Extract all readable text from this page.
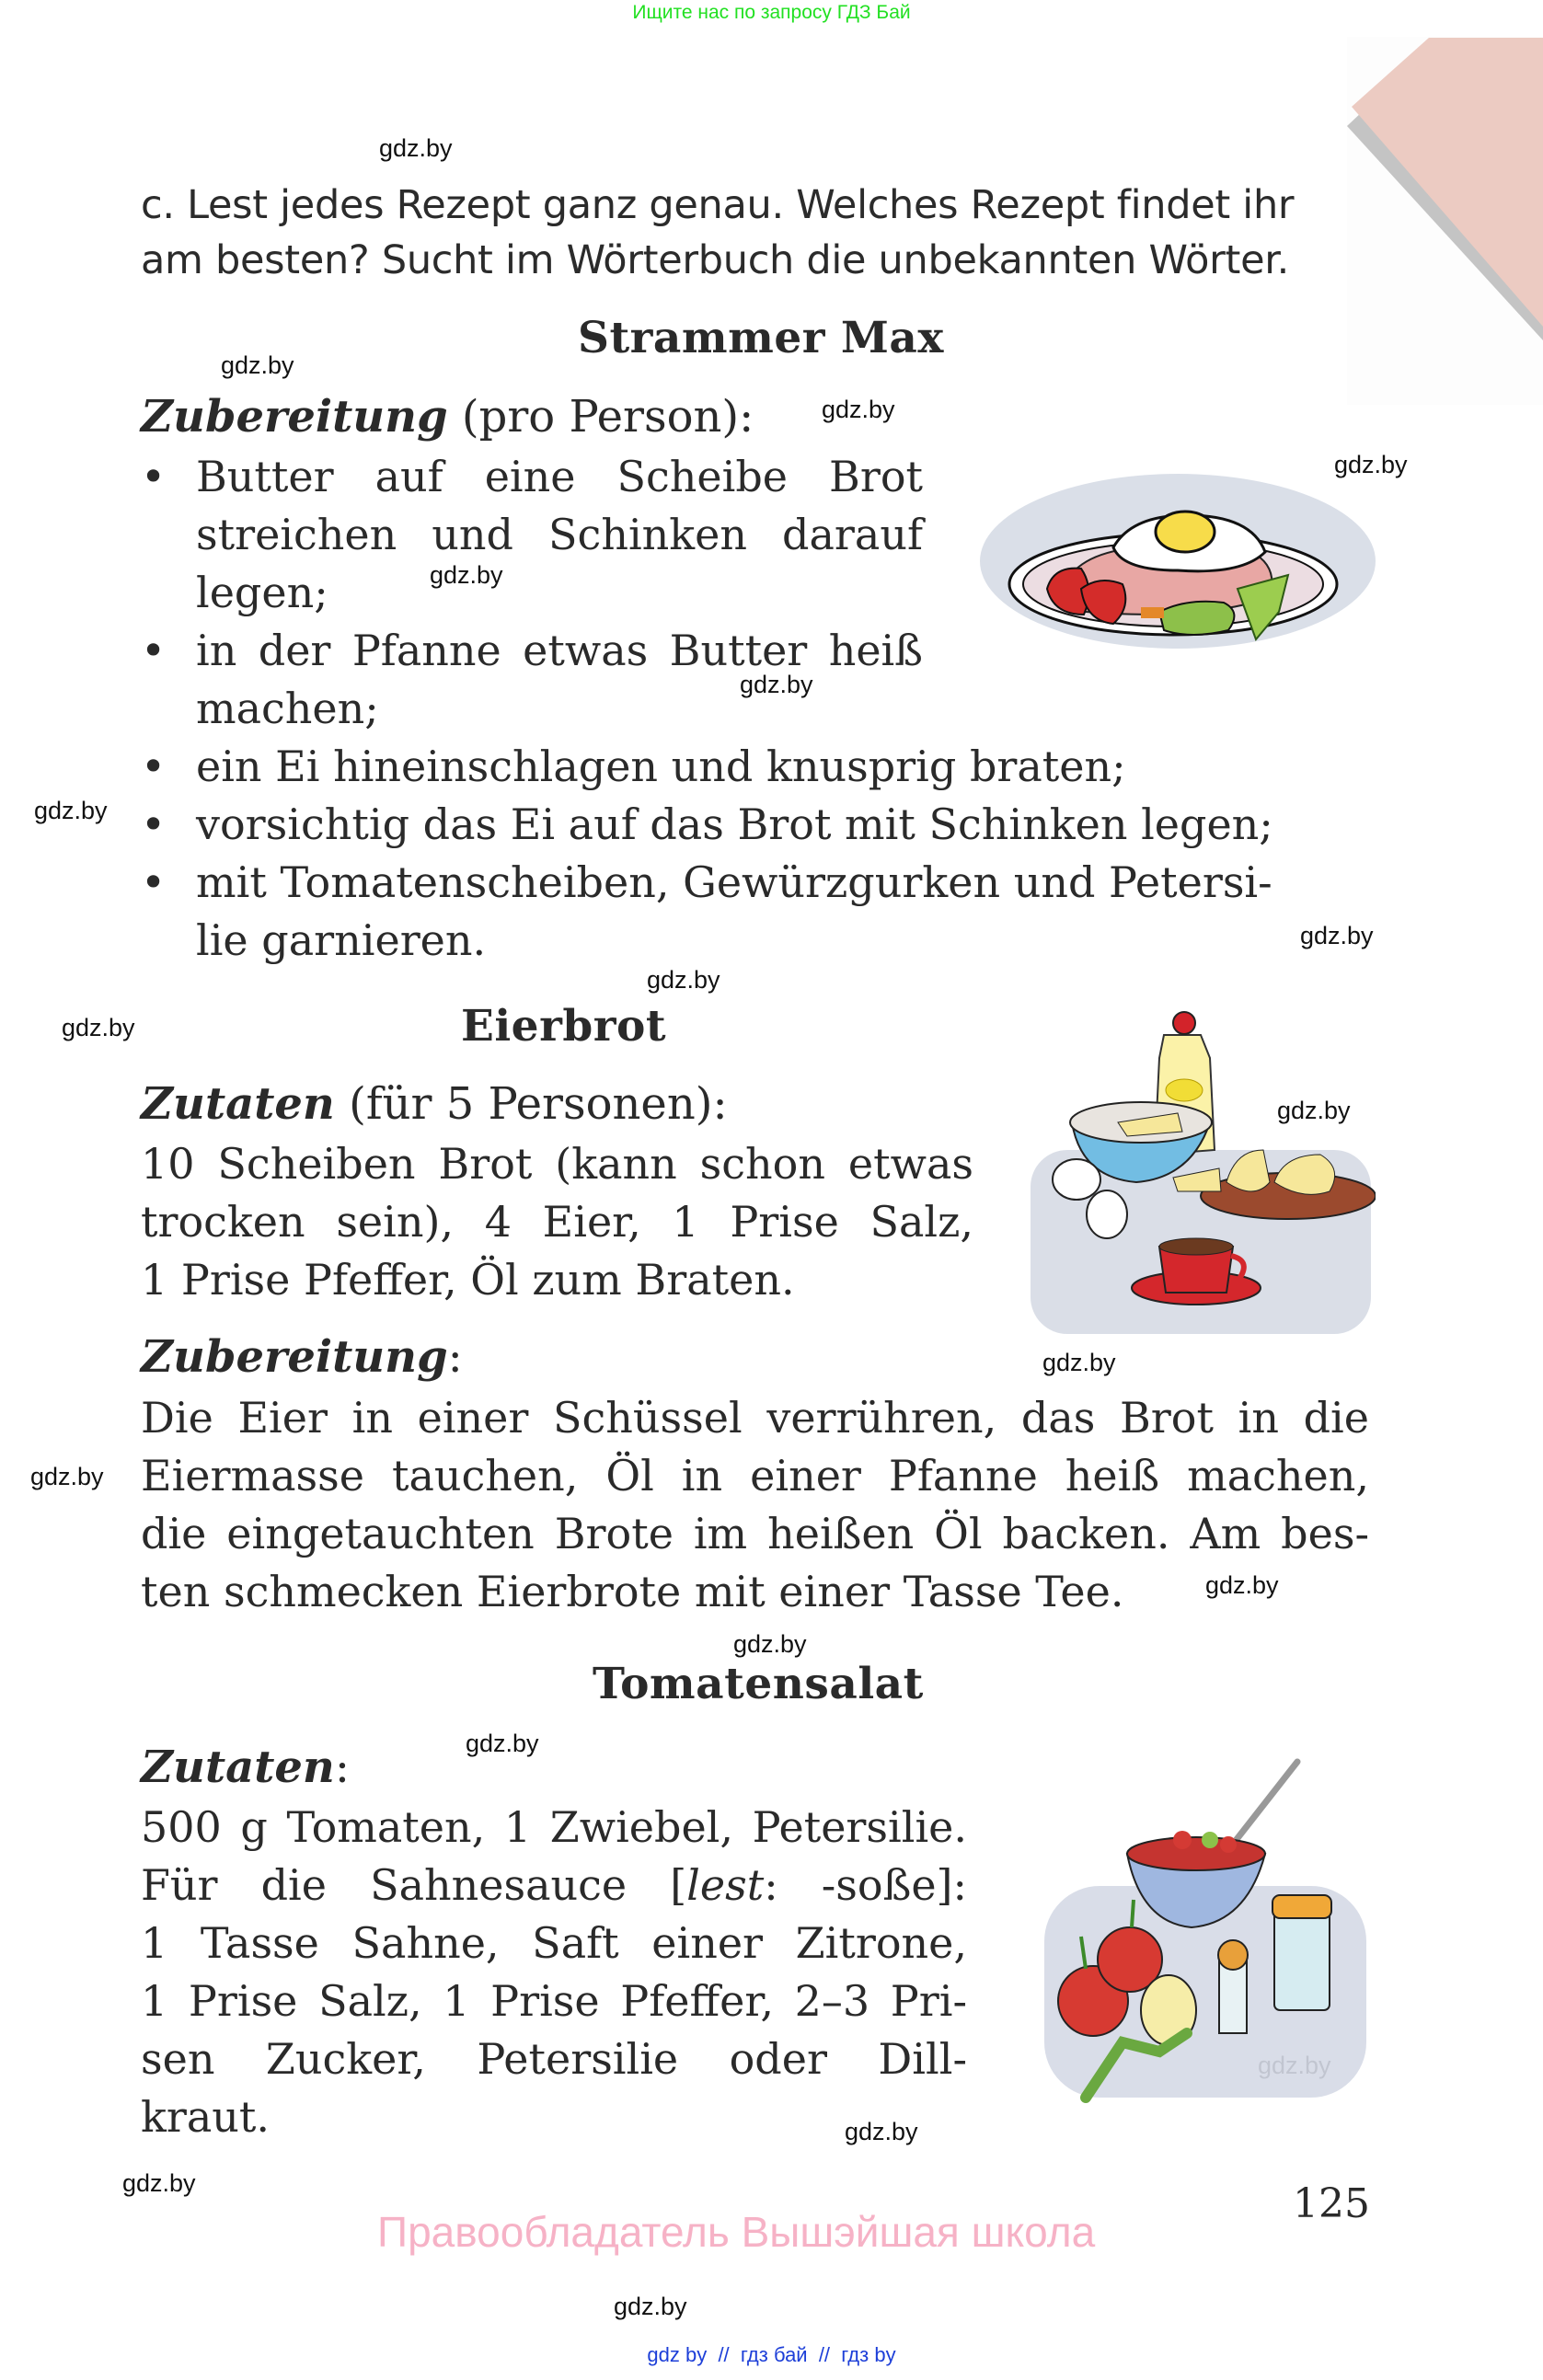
Ищите нас по запросу ГДЗ Бай
gdz.by
gdz.by
gdz.by
gdz.by
gdz.by
gdz.by
gdz.by
gdz.by
gdz.by
gdz.by
gdz.by
gdz.by
gdz.by
gdz.by
gdz.by
gdz.by
gdz.by
gdz.by
gdz.by
c. Lest jedes Rezept ganz genau. Welches Rezept findet ihr
am besten? Sucht im Wörterbuch die unbekannten Wörter.
Strammer Max
Zubereitung (pro Person):
• Butter auf eine Scheibe Brot
streichen und Schinken darauf
legen;
• in der Pfanne etwas Butter heiß
machen;
• ein Ei hineinschlagen und knusprig braten;
• vorsichtig das Ei auf das Brot mit Schinken legen;
• mit Tomatenscheiben, Gewürzgurken und Petersi-
lie garnieren.
Eierbrot
Zutaten (für 5 Personen):
10 Scheiben Brot (kann schon etwas
trocken sein), 4 Eier, 1 Prise Salz,
1 Prise Pfeffer, Öl zum Braten.
Zubereitung:
Die Eier in einer Schüssel verrühren, das Brot in die
Eiermasse tauchen, Öl in einer Pfanne heiß machen,
die eingetauchten Brote im heißen Öl backen. Am bes-
ten schmecken Eierbrote mit einer Tasse Tee.
Tomatensalat
Zutaten:
500 g Tomaten, 1 Zwiebel, Petersilie.
Für die Sahnesauce [lest: -soße]:
1 Tasse Sahne, Saft einer Zitrone,
1 Prise Salz, 1 Prise Pfeffer, 2–3 Pri-
sen Zucker, Petersilie oder Dill-
kraut.
125
Правообладатель Вышэйшая школа
gdz by  //  гдз бай  //  гдз by
